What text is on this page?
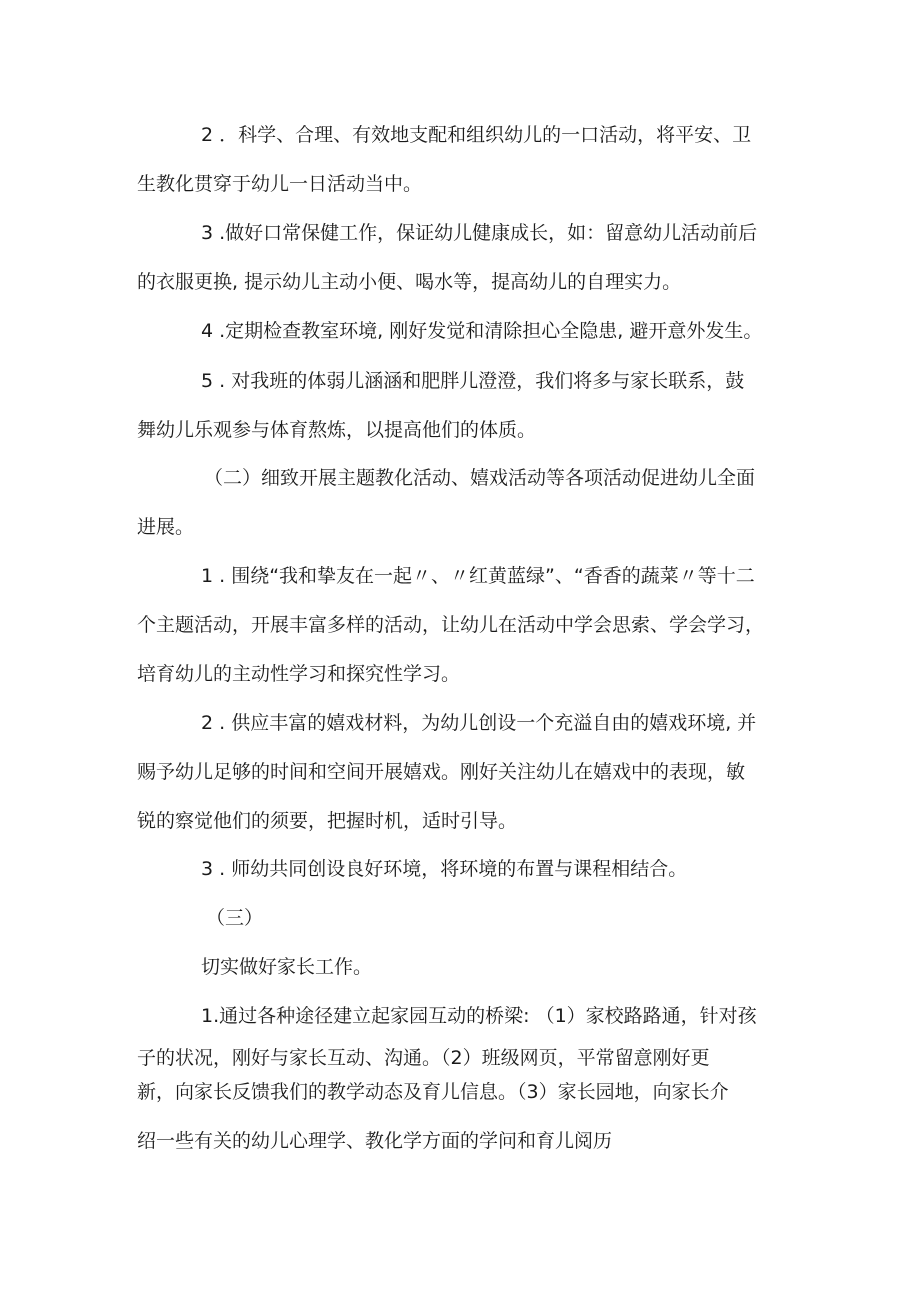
2 ．科学、合理、有效地支配和组织幼儿的一口活动，将平安、卫
生教化贯穿于幼儿一日活动当中。
3 .做好口常保健工作，保证幼儿健康成长，如：留意幼儿活动前后
的衣服更换, 提示幼儿主动小便、喝水等，提高幼儿的自理实力。
4 .定期检查教室环境, 刚好发觉和清除担心全隐患, 避开意外发生。
5 . 对我班的体弱儿涵涵和肥胖儿澄澄，我们将多与家长联系，鼓
舞幼儿乐观参与体育熬炼，以提高他们的体质。
（二）细致开展主题教化活动、嬉戏活动等各项活动促进幼儿全面
进展。
1 . 围绕“我和挚友在一起〃、〃红黄蓝绿”、“香香的蔬菜〃等十二
个主题活动，开展丰富多样的活动，让幼儿在活动中学会思索、学会学习，
培育幼儿的主动性学习和探究性学习。
2 . 供应丰富的嬉戏材料，为幼儿创设一个充溢自由的嬉戏环境, 并
赐予幼儿足够的时间和空间开展嬉戏。刚好关注幼儿在嬉戏中的表现，敏
锐的察觉他们的须要，把握时机，适时引导。
3 . 师幼共同创设良好环境，将环境的布置与课程相结合。
（三）
切实做好家长工作。
1.通过各种途径建立起家园互动的桥梁: （1）家校路路通，针对孩
子的状况，刚好与家长互动、沟通。（2）班级网页，平常留意刚好更
新，向家长反馈我们的教学动态及育儿信息。（3）家长园地，向家长介
绍一些有关的幼儿心理学、教化学方面的学问和育儿阅历
